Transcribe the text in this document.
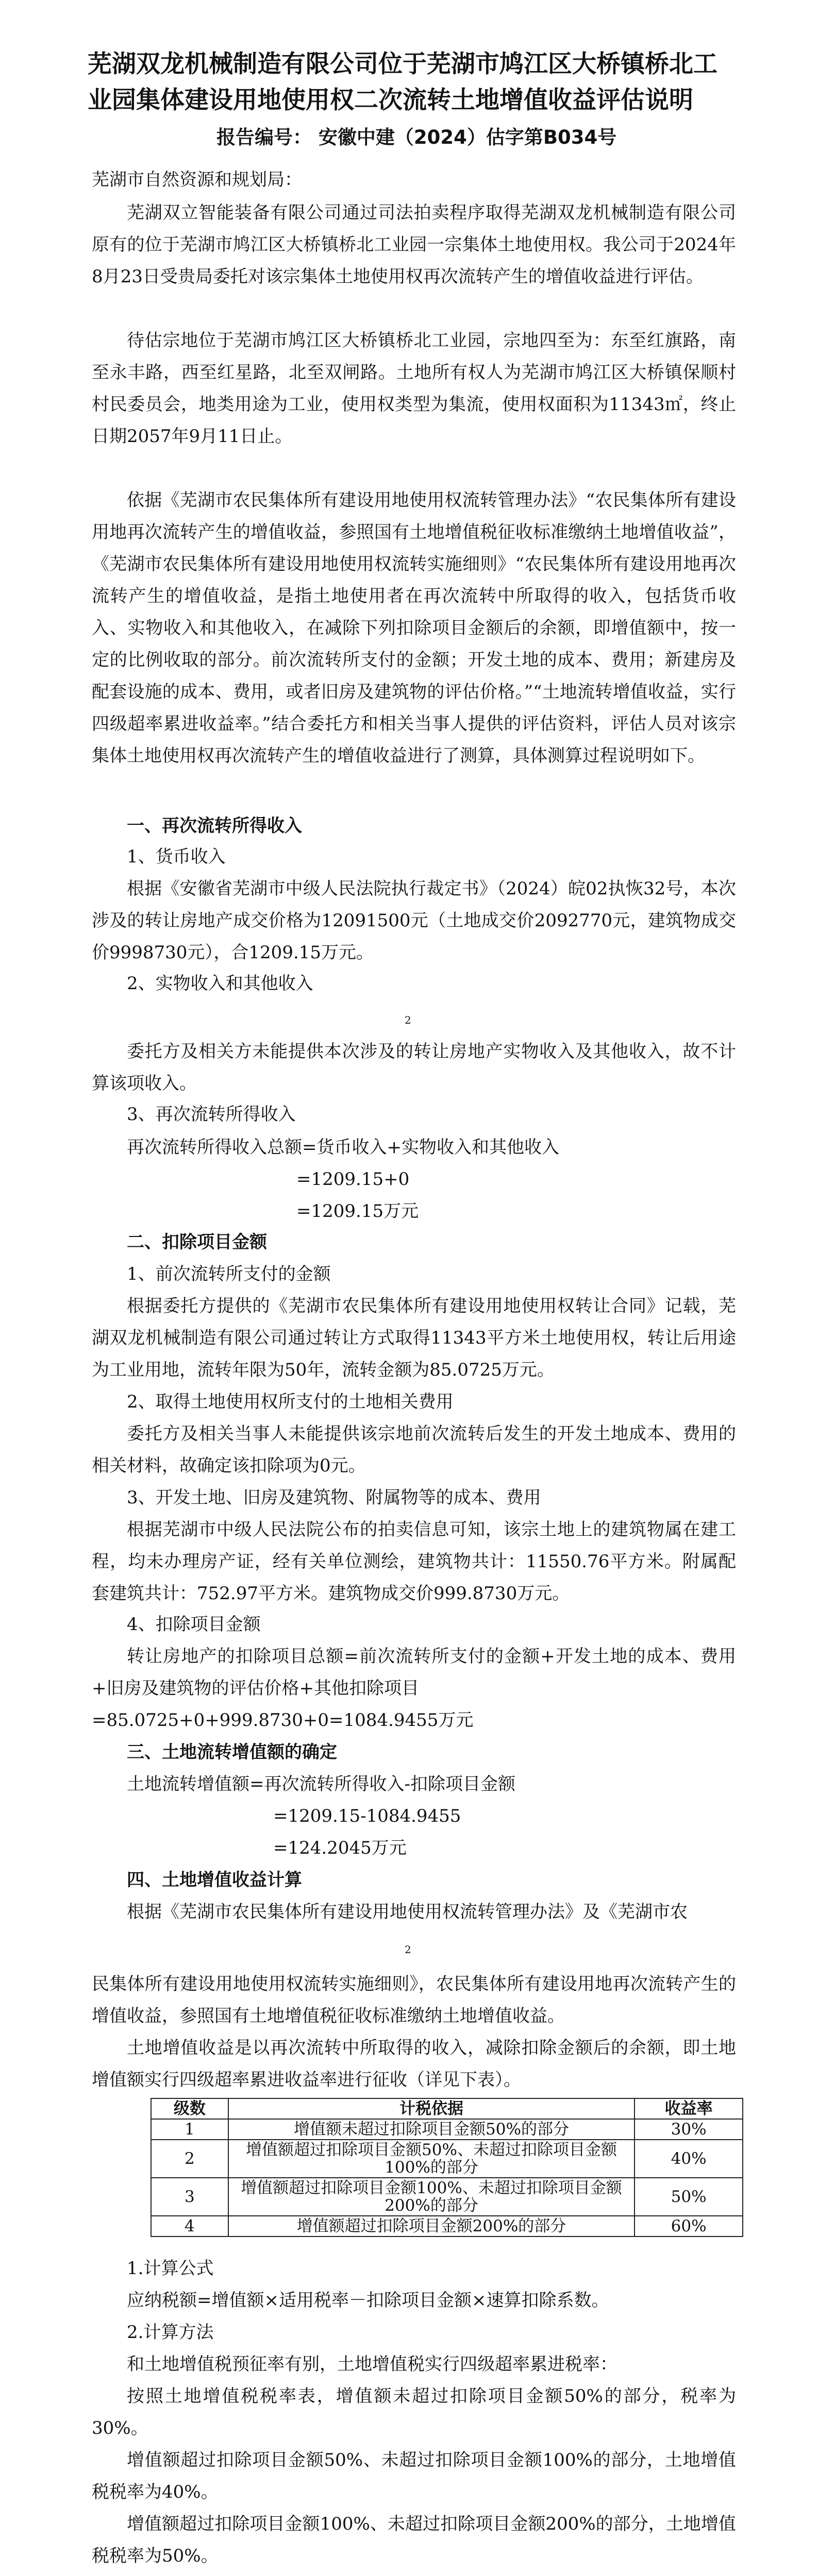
芜湖双龙机械制造有限公司位于芜湖市鸠江区大桥镇桥北工
业园集体建设用地使用权二次流转土地增值收益评估说明
报告编号： 安徽中建（2024）估字第B034号

芜湖市自然资源和规划局：

芜湖双立智能装备有限公司通过司法拍卖程序取得芜湖双龙机械制造有限公司原有的位于芜湖市鸠江区大桥镇桥北工业园一宗集体土地使用权。我公司于2024年8月23日受贵局委托对该宗集体土地使用权再次流转产生的增值收益进行评估。

待估宗地位于芜湖市鸠江区大桥镇桥北工业园，宗地四至为：东至红旗路，南至永丰路，西至红星路，北至双闸路。土地所有权人为芜湖市鸠江区大桥镇保顺村村民委员会，地类用途为工业，使用权类型为集流，使用权面积为11343㎡，终止日期2057年9月11日止。

依据《芜湖市农民集体所有建设用地使用权流转管理办法》“农民集体所有建设用地再次流转产生的增值收益，参照国有土地增值税征收标准缴纳土地增值收益”，《芜湖市农民集体所有建设用地使用权流转实施细则》“农民集体所有建设用地再次流转产生的增值收益，是指土地使用者在再次流转中所取得的收入，包括货币收入、实物收入和其他收入，在减除下列扣除项目金额后的余额，即增值额中，按一定的比例收取的部分。前次流转所支付的金额；开发土地的成本、费用；新建房及配套设施的成本、费用，或者旧房及建筑物的评估价格。”“土地流转增值收益，实行四级超率累进收益率。”结合委托方和相关当事人提供的评估资料，评估人员对该宗集体土地使用权再次流转产生的增值收益进行了测算，具体测算过程说明如下。

一、再次流转所得收入

1、货币收入

根据《安徽省芜湖市中级人民法院执行裁定书》（2024）皖02执恢32号，本次涉及的转让房地产成交价格为12091500元（土地成交价2092770元，建筑物成交价9998730元），合1209.15万元。

2、实物收入和其他收入

2

委托方及相关方未能提供本次涉及的转让房地产实物收入及其他收入，故不计算该项收入。

3、再次流转所得收入

再次流转所得收入总额=货币收入+实物收入和其他收入

=1209.15+0

=1209.15万元

二、扣除项目金额

1、前次流转所支付的金额

根据委托方提供的《芜湖市农民集体所有建设用地使用权转让合同》记载，芜湖双龙机械制造有限公司通过转让方式取得11343平方米土地使用权，转让后用途为工业用地，流转年限为50年，流转金额为85.0725万元。

2、取得土地使用权所支付的土地相关费用

委托方及相关当事人未能提供该宗地前次流转后发生的开发土地成本、费用的相关材料，故确定该扣除项为0元。

3、开发土地、旧房及建筑物、附属物等的成本、费用

根据芜湖市中级人民法院公布的拍卖信息可知，该宗土地上的建筑物属在建工程，均未办理房产证，经有关单位测绘，建筑物共计：11550.76平方米。附属配套建筑共计：752.97平方米。建筑物成交价999.8730万元。

4、扣除项目金额

转让房地产的扣除项目总额=前次流转所支付的金额+开发土地的成本、费用+旧房及建筑物的评估价格+其他扣除项目

=85.0725+0+999.8730+0=1084.9455万元

三、土地流转增值额的确定

土地流转增值额=再次流转所得收入-扣除项目金额

=1209.15-1084.9455

=124.2045万元

四、土地增值收益计算

根据《芜湖市农民集体所有建设用地使用权流转管理办法》及《芜湖市农

2

民集体所有建设用地使用权流转实施细则》，农民集体所有建设用地再次流转产生的增值收益，参照国有土地增值税征收标准缴纳土地增值收益。

土地增值收益是以再次流转中所取得的收入，减除扣除金额后的余额，即土地增值额实行四级超率累进收益率进行征收（详见下表）。

级数	计税依据	收益率
1	增值额未超过扣除项目金额50%的部分	30%
2	增值额超过扣除项目金额50%、未超过扣除项目金额100%的部分	40%
3	增值额超过扣除项目金额100%、未超过扣除项目金额200%的部分	50%
4	增值额超过扣除项目金额200%的部分	60%

1.计算公式

应纳税额=增值额×适用税率－扣除项目金额×速算扣除系数。

2.计算方法

和土地增值税预征率有别，土地增值税实行四级超率累进税率：

按照土地增值税税率表，增值额未超过扣除项目金额50%的部分，税率为30%。

增值额超过扣除项目金额50%、未超过扣除项目金额100%的部分，土地增值税税率为40%。

增值额超过扣除项目金额100%、未超过扣除项目金额200%的部分，土地增值税税率为50%。
